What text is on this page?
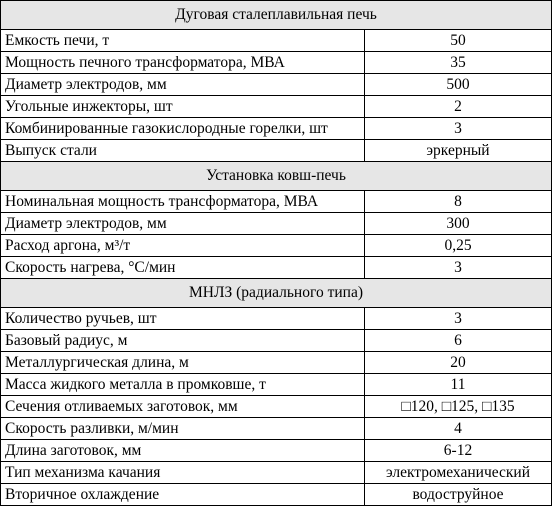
Дуговая сталеплавильная печь	
Емкость печи, т	50
Мощность печного трансформатора, МВА	35
Диаметр электродов, мм	500
Угольные инжекторы, шт	2
Комбинированные газокислородные горелки, шт	3
Выпуск стали	эркерный
Установка ковш-печь	
Номинальная мощность трансформатора, МВА	8
Диаметр электродов, мм	300
Расход аргона, м³/т	0,25
Скорость нагрева, °С/мин	3
МНЛЗ (радиального типа)	
Количество ручьев, шт	3
Базовый радиус, м	6
Металлургическая длина, м	20
Масса жидкого металла в промковше, т	11
Сечения отливаемых заготовок, мм	□120, □125, □135
Скорость разливки, м/мин	4
Длина заготовок, мм	6-12
Тип механизма качания	электромеханический
Вторичное охлаждение	водоструйное
